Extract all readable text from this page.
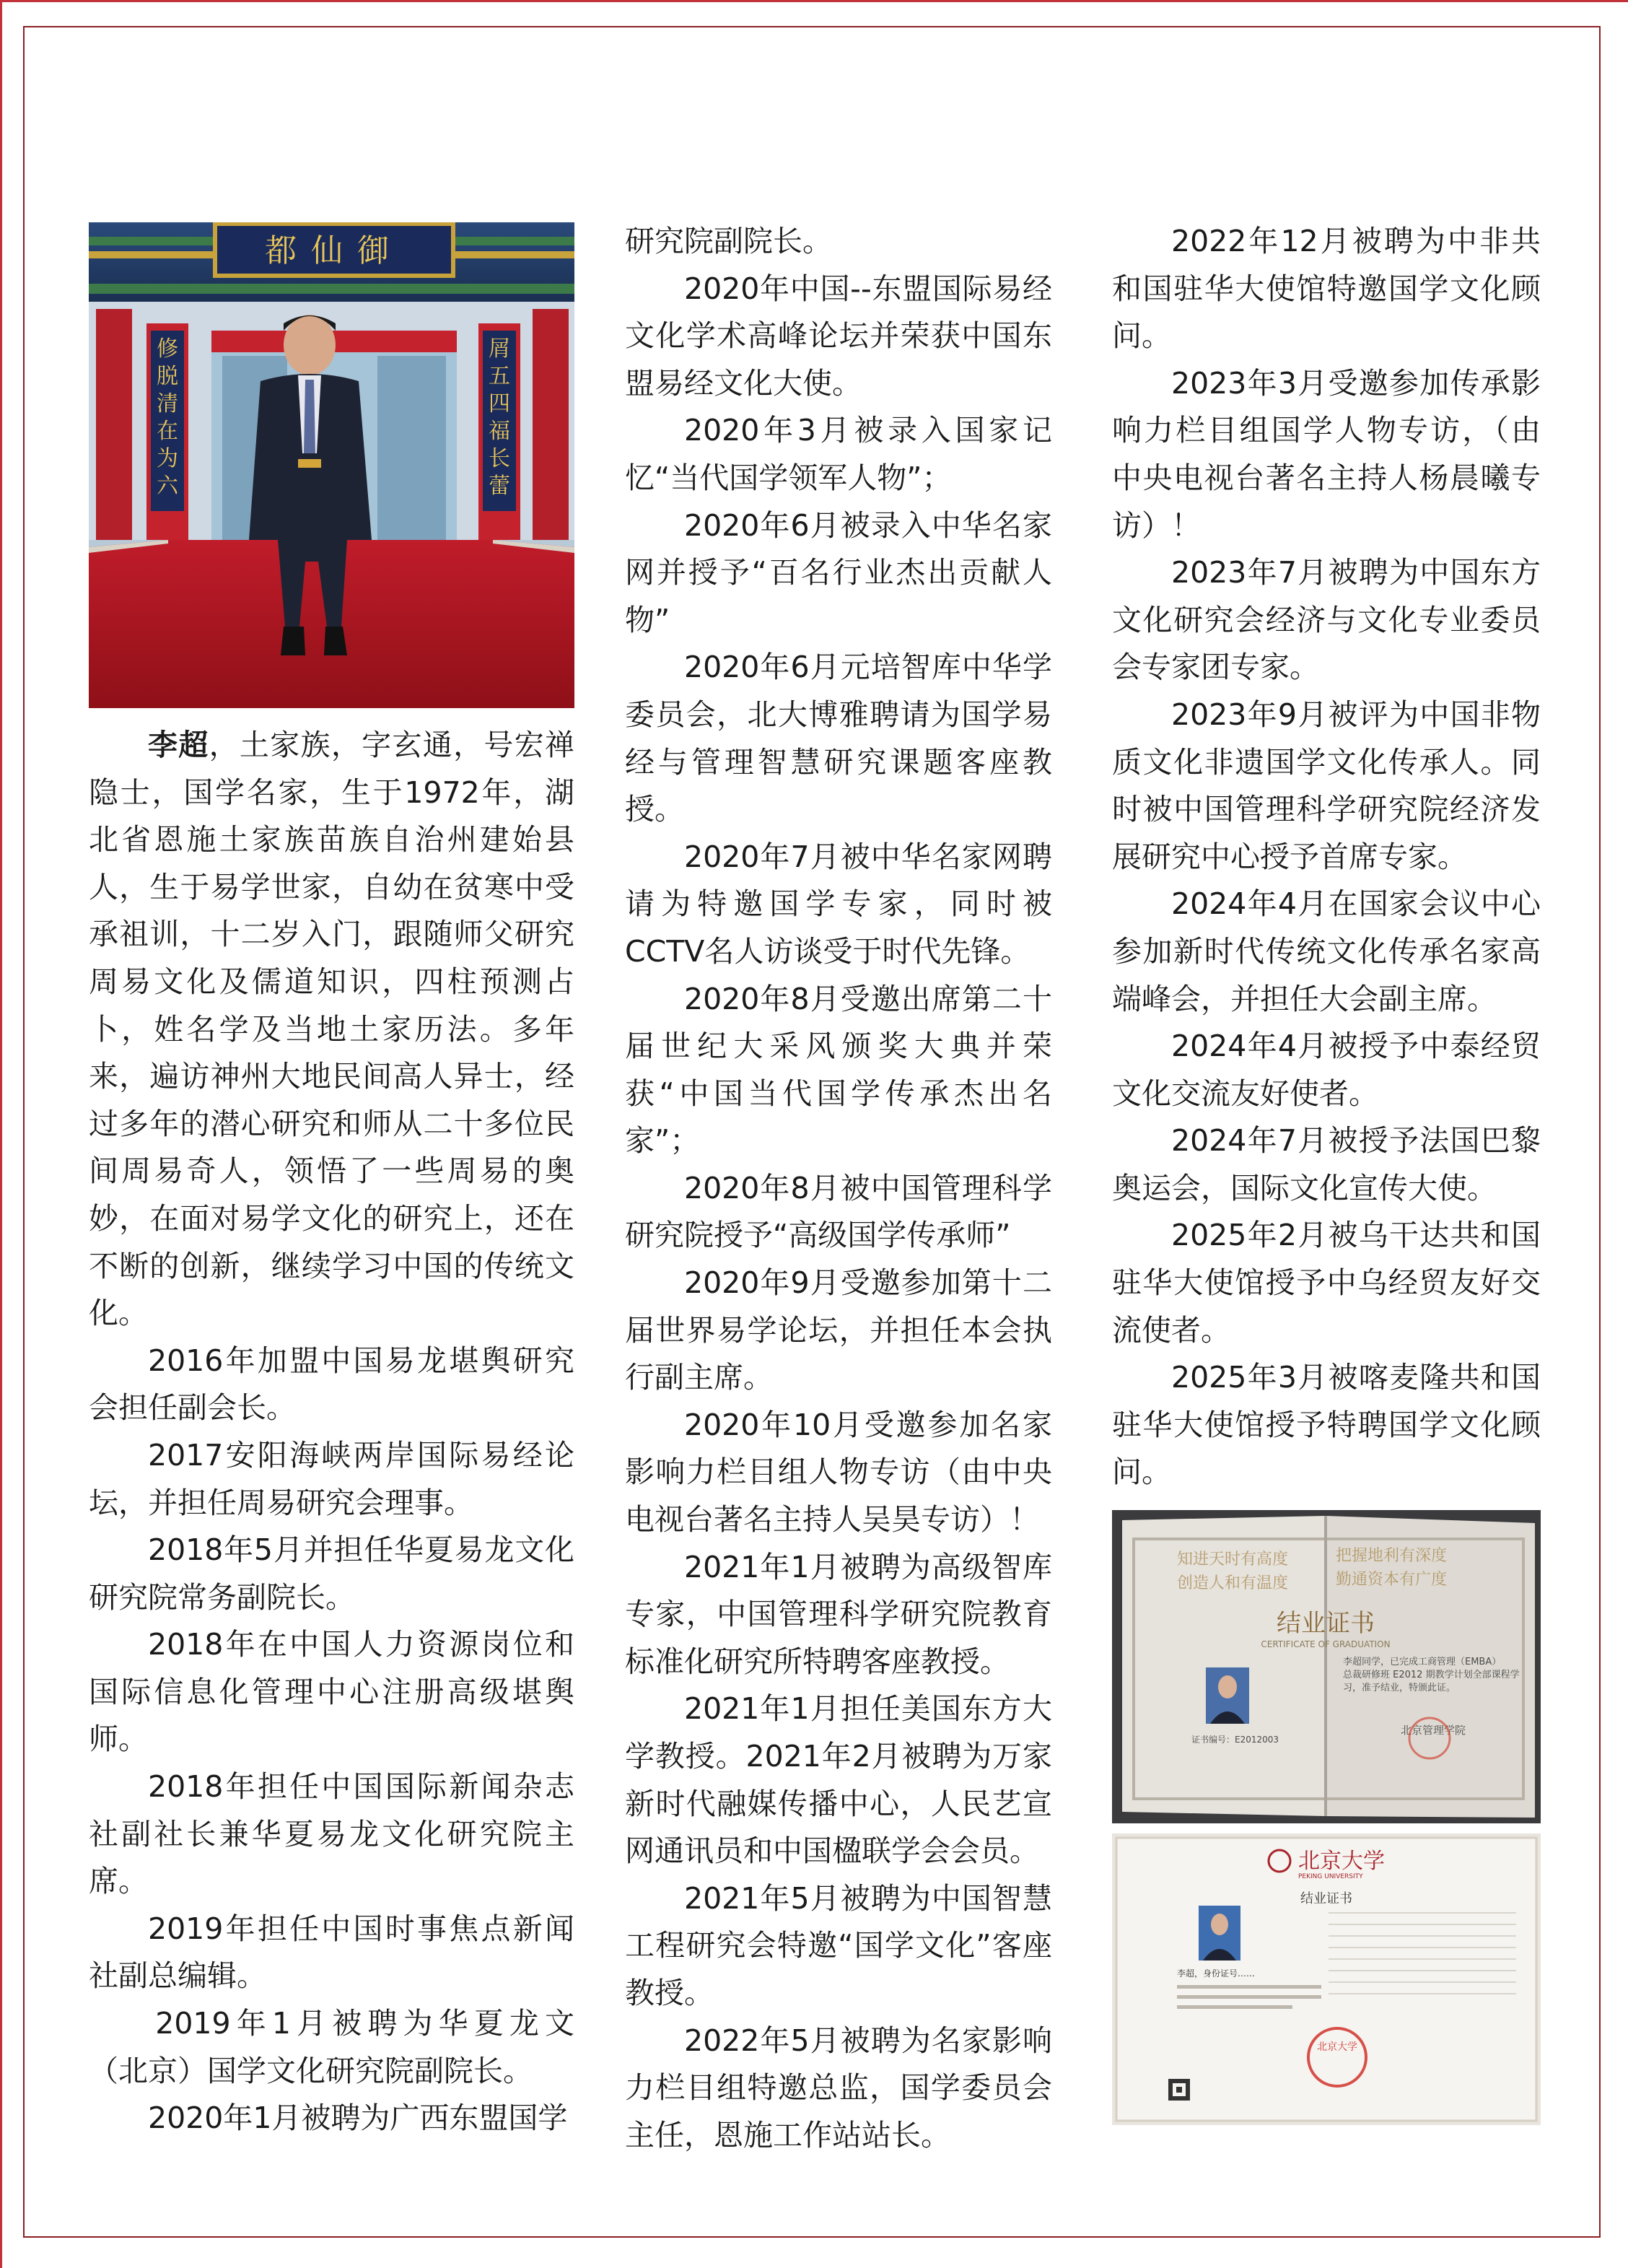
都仙御
修
脱
清
在
为
六
屑
五
四
福
长
蕾

李超，土家族，字玄通，号宏禅隐士，国学名家，生于1972年，湖北省恩施土家族苗族自治州建始县人，生于易学世家，自幼在贫寒中受承祖训，十二岁入门，跟随师父研究周易文化及儒道知识，四柱预测占卜，姓名学及当地土家历法。多年来，遍访神州大地民间高人异士，经过多年的潜心研究和师从二十多位民间周易奇人，领悟了一些周易的奥妙，在面对易学文化的研究上，还在不断的创新，继续学习中国的传统文化。

2016年加盟中国易龙堪舆研究会担任副会长。

2017安阳海峡两岸国际易经论坛，并担任周易研究会理事。

2018年5月并担任华夏易龙文化研究院常务副院长。

2018年在中国人力资源岗位和国际信息化管理中心注册高级堪舆师。

2018年担任中国国际新闻杂志社副社长兼华夏易龙文化研究院主席。

2019年担任中国时事焦点新闻社副总编辑。

2019年1月被聘为华夏龙文（北京）国学文化研究院副院长。

2020年1月被聘为广西东盟国学

研究院副院长。

2020年中国--东盟国际易经文化学术高峰论坛并荣获中国东盟易经文化大使。

2020年3月被录入国家记忆“当代国学领军人物”；

2020年6月被录入中华名家网并授予“百名行业杰出贡献人物”

2020年6月元培智库中华学委员会，北大博雅聘请为国学易经与管理智慧研究课题客座教授。

2020年7月被中华名家网聘请为特邀国学专家，同时被CCTV名人访谈受于时代先锋。

2020年8月受邀出席第二十届世纪大采风颁奖大典并荣获“中国当代国学传承杰出名家”；

2020年8月被中国管理科学研究院授予“高级国学传承师”

2020年9月受邀参加第十二届世界易学论坛，并担任本会执行副主席。

2020年10月受邀参加名家影响力栏目组人物专访（由中央电视台著名主持人吴昊专访）！

2021年1月被聘为高级智库专家，中国管理科学研究院教育标准化研究所特聘客座教授。

2021年1月担任美国东方大学教授。2021年2月被聘为万家新时代融媒传播中心，人民艺宣网通讯员和中国楹联学会会员。

2021年5月被聘为中国智慧工程研究会特邀“国学文化”客座教授。

2022年5月被聘为名家影响力栏目组特邀总监，国学委员会主任，恩施工作站站长。

2022年12月被聘为中非共和国驻华大使馆特邀国学文化顾问。

2023年3月受邀参加传承影响力栏目组国学人物专访，（由中央电视台著名主持人杨晨曦专访）！

2023年7月被聘为中国东方文化研究会经济与文化专业委员会专家团专家。

2023年9月被评为中国非物质文化非遗国学文化传承人。同时被中国管理科学研究院经济发展研究中心授予首席专家。

2024年4月在国家会议中心参加新时代传统文化传承名家高端峰会，并担任大会副主席。

2024年4月被授予中泰经贸文化交流友好使者。

2024年7月被授予法国巴黎奥运会，国际文化宣传大使。

2025年2月被乌干达共和国驻华大使馆授予中乌经贸友好交流使者。

2025年3月被喀麦隆共和国驻华大使馆授予特聘国学文化顾问。

知进天时有高度
创造人和有温度
把握地利有深度
勤通资本有广度
结业证书
CERTIFICATE OF GRADUATION
李超同学，已完成工商管理（EMBA）
总裁研修班 E2012 期教学计划全部课程学
习，准予结业，特颁此证。
北京管理学院
证书编号：E2012003
北京大学
PEKING UNIVERSITY
结业证书
李超，身份证号……
北京大学
